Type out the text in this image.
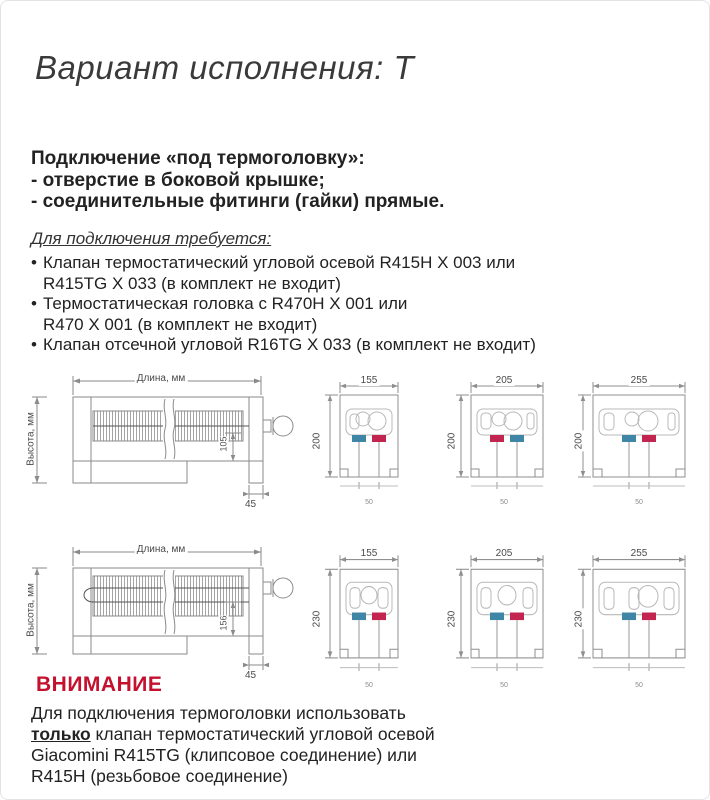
Вариант исполнения: Т
Подключение «под термоголовку»:
- отверстие в боковой крышке;
- соединительные фитинги (гайки) прямые.
Для подключения требуется:
• Клапан термостатический угловой осевой R415H X 003 или
R415TG X 033 (в комплект не входит)
• Термостатическая головка с R470H X 001 или
R470 X 001 (в комплект не входит)
• Клапан отсечной угловой R16TG X 033 (в комплект не входит)
Длина, мм
Высота, мм	105
45
155
200
50
205
200
50
255
200
50
Длина, мм
Высота, мм	156
45
155
230
50
205
230
50
255
230
50
ВНИМАНИЕ
Для подключения термоголовки использовать
только клапан термостатический угловой осевой
Giacomini R415TG (клипсовое соединение) или
R415H (резьбовое соединение)
